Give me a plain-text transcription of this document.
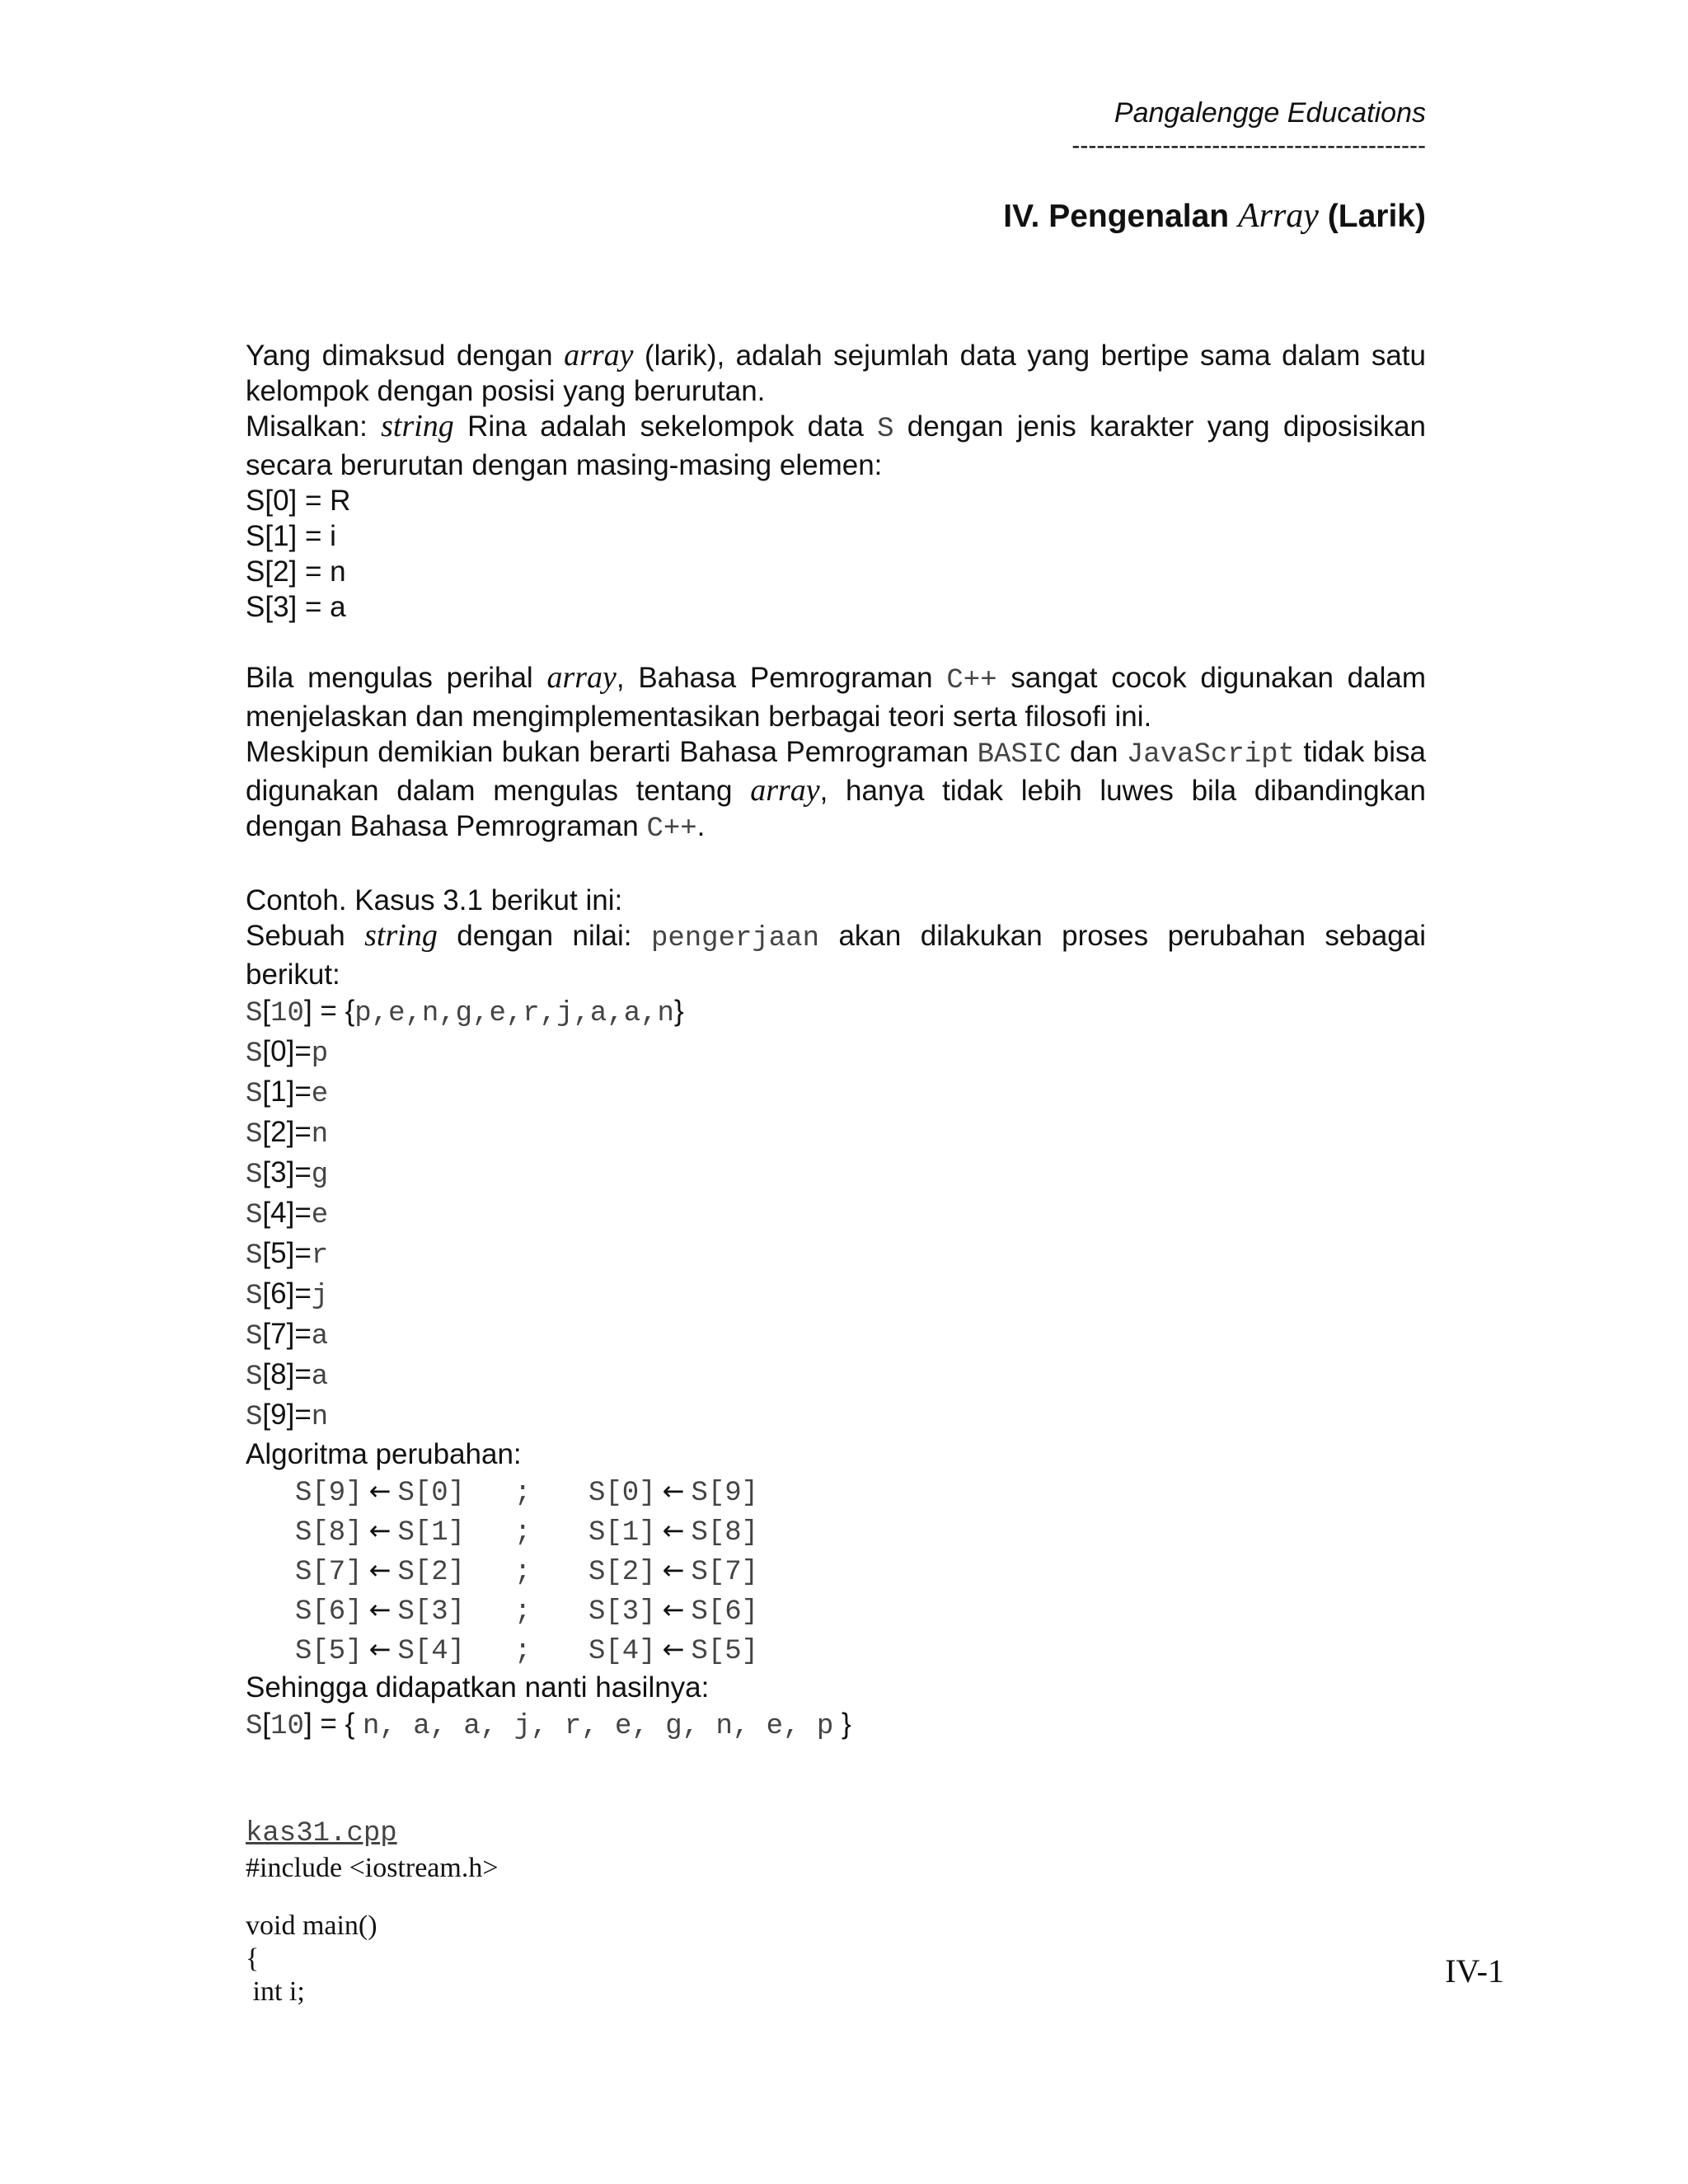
Pangalengge Educations
-------------------------------------------
IV. Pengenalan Array (Larik)

Yang dimaksud dengan array (larik), adalah sejumlah data yang bertipe sama dalam satu kelompok dengan posisi yang berurutan.

Misalkan: string Rina adalah sekelompok data S dengan jenis karakter yang diposisikan secara berurutan dengan masing-masing elemen:

S[0] = R
S[1] = i
S[2] = n
S[3] = a

Bila mengulas perihal array, Bahasa Pemrograman C++ sangat cocok digunakan dalam menjelaskan dan mengimplementasikan berbagai teori serta filosofi ini.

Meskipun demikian bukan berarti Bahasa Pemrograman BASIC dan JavaScript tidak bisa digunakan dalam mengulas tentang array, hanya tidak lebih luwes bila dibandingkan dengan Bahasa Pemrograman C++.

Contoh. Kasus 3.1 berikut ini:

Sebuah string dengan nilai: pengerjaan akan dilakukan proses perubahan sebagai berikut:

S[10] = {p,e,n,g,e,r,j,a,a,n}

S[0]=p
S[1]=e
S[2]=n
S[3]=g
S[4]=e
S[5]=r
S[6]=j
S[7]=a
S[8]=a
S[9]=n

Algoritma perubahan:

S[9] ← S[0]	;	S[0] ← S[9]
S[8] ← S[1]	;	S[1] ← S[8]
S[7] ← S[2]	;	S[2] ← S[7]
S[6] ← S[3]	;	S[3] ← S[6]
S[5] ← S[4]	;	S[4] ← S[5]

Sehingga didapatkan nanti hasilnya:

S[10] = { n, a, a, j, r, e, g, n, e, p }

kas31.cpp
#include <iostream.h>
void main()
{
int i;
IV-1
